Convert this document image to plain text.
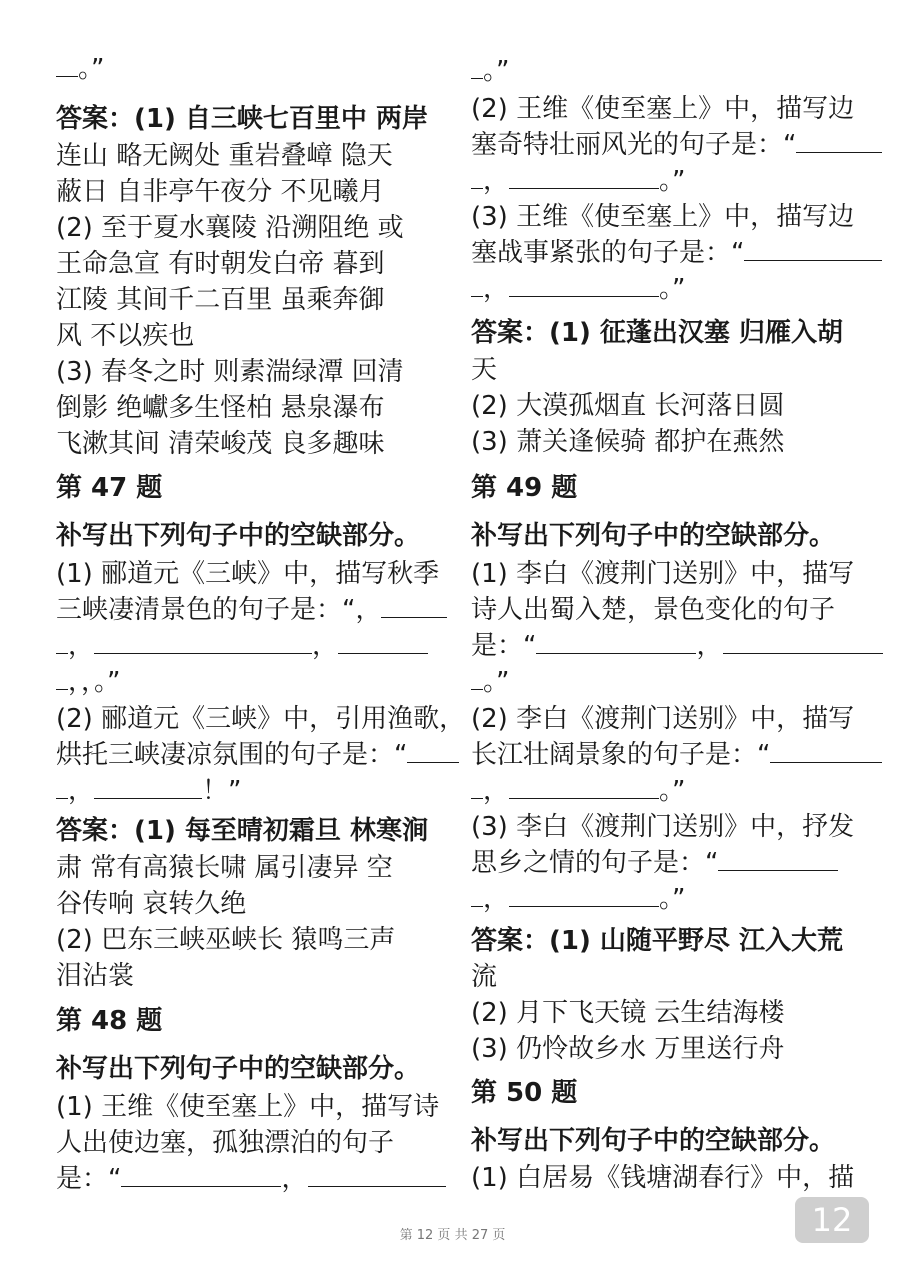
。”
答案：(1) 自三峡七百里中 两岸
连山 略无阙处 重岩叠嶂 隐天
蔽日 自非亭午夜分 不见曦月
(2) 至于夏水襄陵 沿溯阻绝 或
王命急宣 有时朝发白帝 暮到
江陵 其间千二百里 虽乘奔御
风 不以疾也
(3) 春冬之时 则素湍绿潭 回清
倒影 绝巘多生怪柏 悬泉瀑布
飞漱其间 清荣峻茂 良多趣味
第 47 题
补写出下列句子中的空缺部分。
(1) 郦道元《三峡》中，描写秋季
三峡凄清景色的句子是：“，
，	，
，，。”
(2) 郦道元《三峡》中，引用渔歌，
烘托三峡凄凉氛围的句子是：“
，	！”
答案：(1) 每至晴初霜旦 林寒涧
肃 常有高猿长啸 属引凄异 空
谷传响 哀转久绝
(2) 巴东三峡巫峡长 猿鸣三声
泪沾裳
第 48 题
补写出下列句子中的空缺部分。
(1) 王维《使至塞上》中，描写诗
人出使边塞，孤独漂泊的句子
是：“	，
。”
(2) 王维《使至塞上》中，描写边
塞奇特壮丽风光的句子是：“
，	。”
(3) 王维《使至塞上》中，描写边
塞战事紧张的句子是：“
，	。”
答案：(1) 征蓬出汉塞 归雁入胡
天
(2) 大漠孤烟直 长河落日圆
(3) 萧关逢候骑 都护在燕然
第 49 题
补写出下列句子中的空缺部分。
(1) 李白《渡荆门送别》中，描写
诗人出蜀入楚，景色变化的句子
是：“	，
。”
(2) 李白《渡荆门送别》中，描写
长江壮阔景象的句子是：“
，	。”
(3) 李白《渡荆门送别》中，抒发
思乡之情的句子是：“
，	。”
答案：(1) 山随平野尽 江入大荒
流
(2) 月下飞天镜 云生结海楼
(3) 仍怜故乡水 万里送行舟
第 50 题
补写出下列句子中的空缺部分。
(1) 白居易《钱塘湖春行》中，描
第 12 页 共 27 页	12
